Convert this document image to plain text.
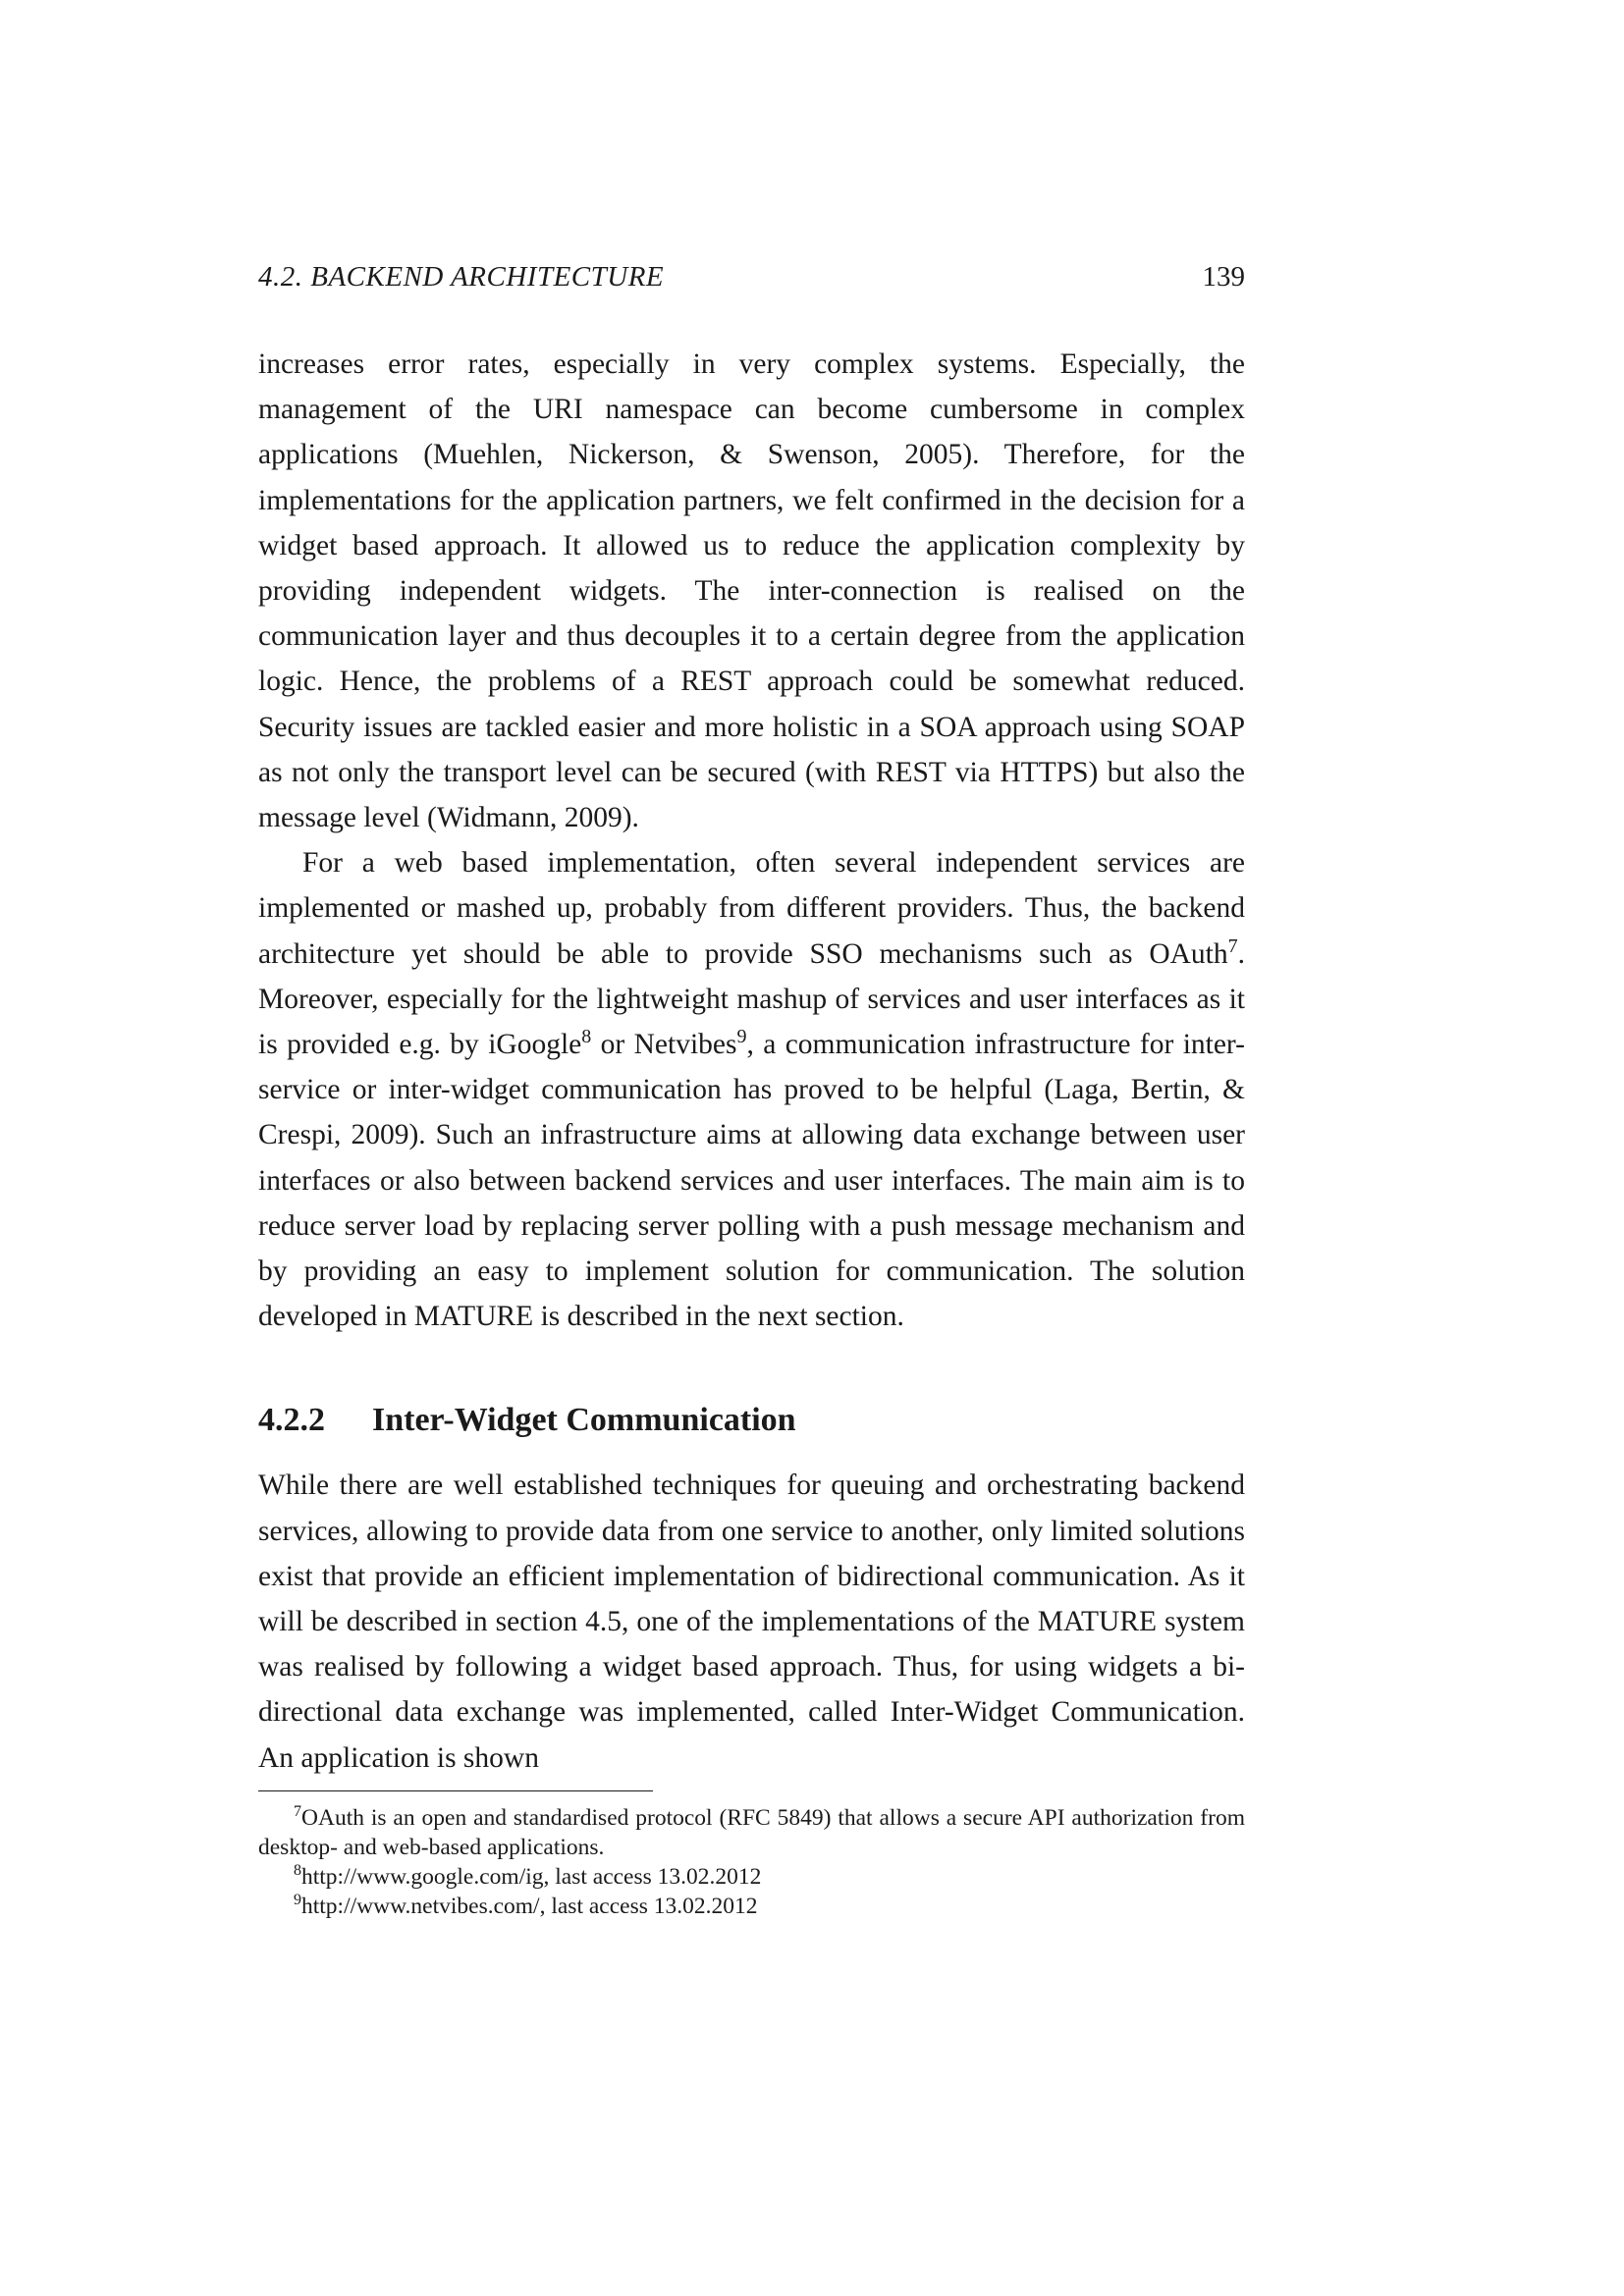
4.2. BACKEND ARCHITECTURE	139

increases error rates, especially in very complex systems. Especially, the management of the URI namespace can become cumbersome in complex applications (Muehlen, Nickerson, & Swenson, 2005). Therefore, for the implementations for the application partners, we felt confirmed in the decision for a widget based approach. It allowed us to reduce the application complexity by providing independent widgets. The inter-connection is realised on the communication layer and thus decouples it to a certain degree from the application logic. Hence, the problems of a REST approach could be somewhat reduced. Security issues are tackled easier and more holistic in a SOA approach using SOAP as not only the transport level can be secured (with REST via HTTPS) but also the message level (Widmann, 2009).

For a web based implementation, often several independent services are implemented or mashed up, probably from different providers. Thus, the backend architecture yet should be able to provide SSO mechanisms such as OAuth$^7$. Moreover, especially for the lightweight mashup of services and user interfaces as it is provided e.g. by iGoogle$^8$ or Netvibes$^9$, a communication infrastructure for inter-service or inter-widget communication has proved to be helpful (Laga, Bertin, & Crespi, 2009). Such an infrastructure aims at allowing data exchange between user interfaces or also between backend services and user interfaces. The main aim is to reduce server load by replacing server polling with a push message mechanism and by providing an easy to implement solution for communication. The solution developed in MATURE is described in the next section.

4.2.2	Inter-Widget Communication

While there are well established techniques for queuing and orchestrating backend services, allowing to provide data from one service to another, only limited solutions exist that provide an efficient implementation of bidirectional communication. As it will be described in section 4.5, one of the implementations of the MATURE system was realised by following a widget based approach. Thus, for using widgets a bi-directional data exchange was implemented, called Inter-Widget Communication. An application is shown

$^7$OAuth is an open and standardised protocol (RFC 5849) that allows a secure API authorization from desktop- and web-based applications.

$^8$http://www.google.com/ig, last access 13.02.2012

$^9$http://www.netvibes.com/, last access 13.02.2012
